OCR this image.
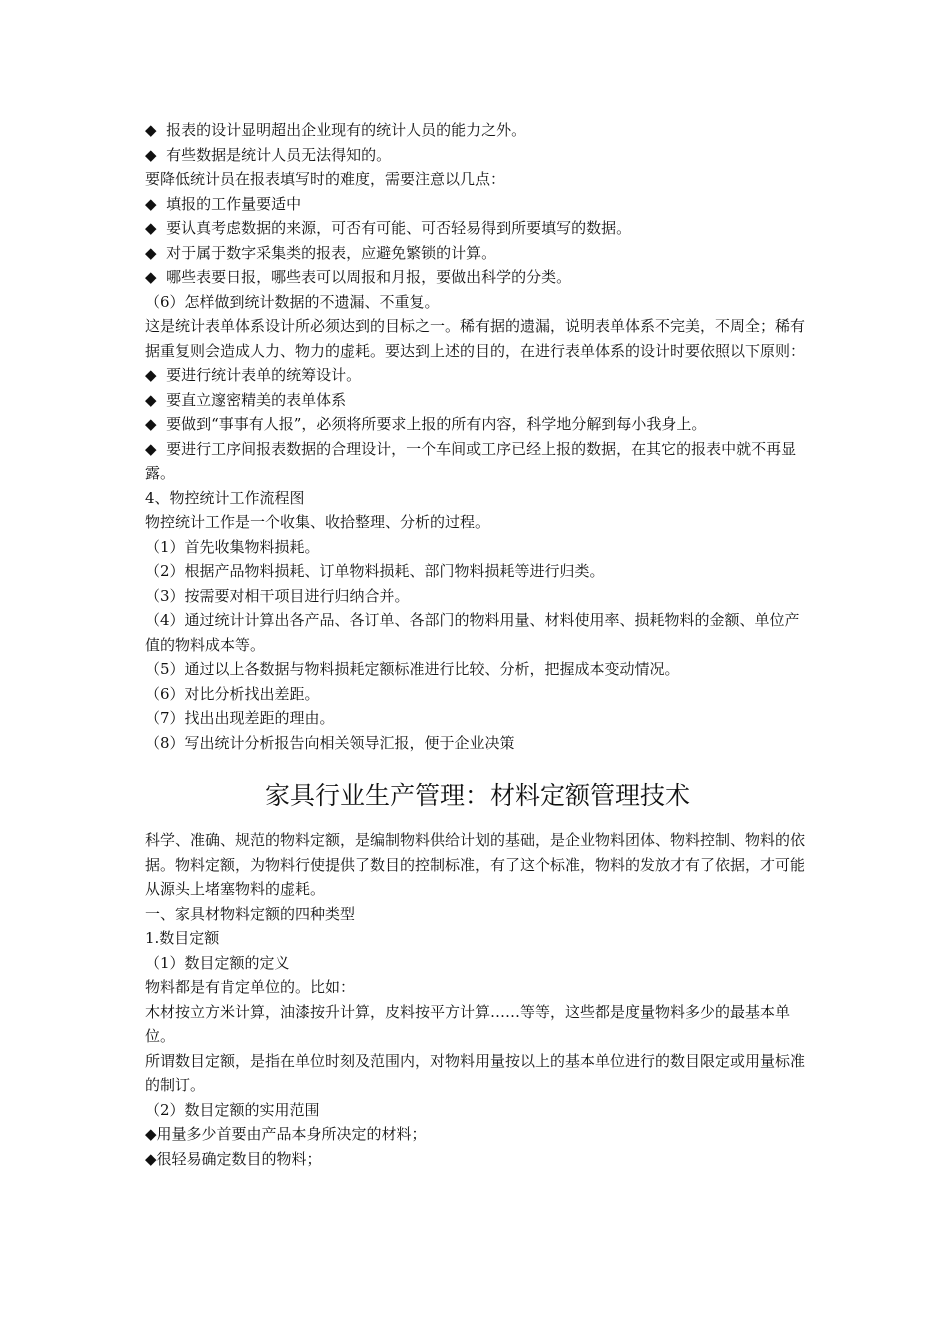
◆  报表的设计显明超出企业现有的统计人员的能力之外。
◆  有些数据是统计人员无法得知的。
要降低统计员在报表填写时的难度，需要注意以几点：
◆  填报的工作量要适中
◆  要认真考虑数据的来源，可否有可能、可否轻易得到所要填写的数据。
◆  对于属于数字采集类的报表，应避免繁锁的计算。
◆  哪些表要日报，哪些表可以周报和月报，要做出科学的分类。
（6）怎样做到统计数据的不遗漏、不重复。
这是统计表单体系设计所必须达到的目标之一。稀有据的遗漏，说明表单体系不完美，不周全；稀有据重复则会造成人力、物力的虚耗。要达到上述的目的，在进行表单体系的设计时要依照以下原则：
◆  要进行统计表单的统筹设计。
◆  要直立邃密精美的表单体系
◆  要做到“事事有人报”，必须将所要求上报的所有内容，科学地分解到每小我身上。
◆  要进行工序间报表数据的合理设计，一个车间或工序已经上报的数据，在其它的报表中就不再显露。
4、物控统计工作流程图
物控统计工作是一个收集、收拾整理、分析的过程。
（1）首先收集物料损耗。
（2）根据产品物料损耗、订单物料损耗、部门物料损耗等进行归类。
（3）按需要对相干项目进行归纳合并。
（4）通过统计计算出各产品、各订单、各部门的物料用量、材料使用率、损耗物料的金额、单位产值的物料成本等。
（5）通过以上各数据与物料损耗定额标准进行比较、分析，把握成本变动情况。
（6）对比分析找出差距。
（7）找出出现差距的理由。
（8）写出统计分析报告向相关领导汇报，便于企业决策
家具行业生产管理：材料定额管理技术
科学、准确、规范的物料定额，是编制物料供给计划的基础，是企业物料团体、物料控制、物料的依据。物料定额，为物料行使提供了数目的控制标准，有了这个标准，物料的发放才有了依据，才可能从源头上堵塞物料的虚耗。
一、家具材物料定额的四种类型
1.数目定额
（1）数目定额的定义
物料都是有肯定单位的。比如：
木材按立方米计算，油漆按升计算，皮料按平方计算……等等，这些都是度量物料多少的最基本单位。
所谓数目定额，是指在单位时刻及范围内，对物料用量按以上的基本单位进行的数目限定或用量标准的制订。
（2）数目定额的实用范围
◆用量多少首要由产品本身所决定的材料；
◆很轻易确定数目的物料；
